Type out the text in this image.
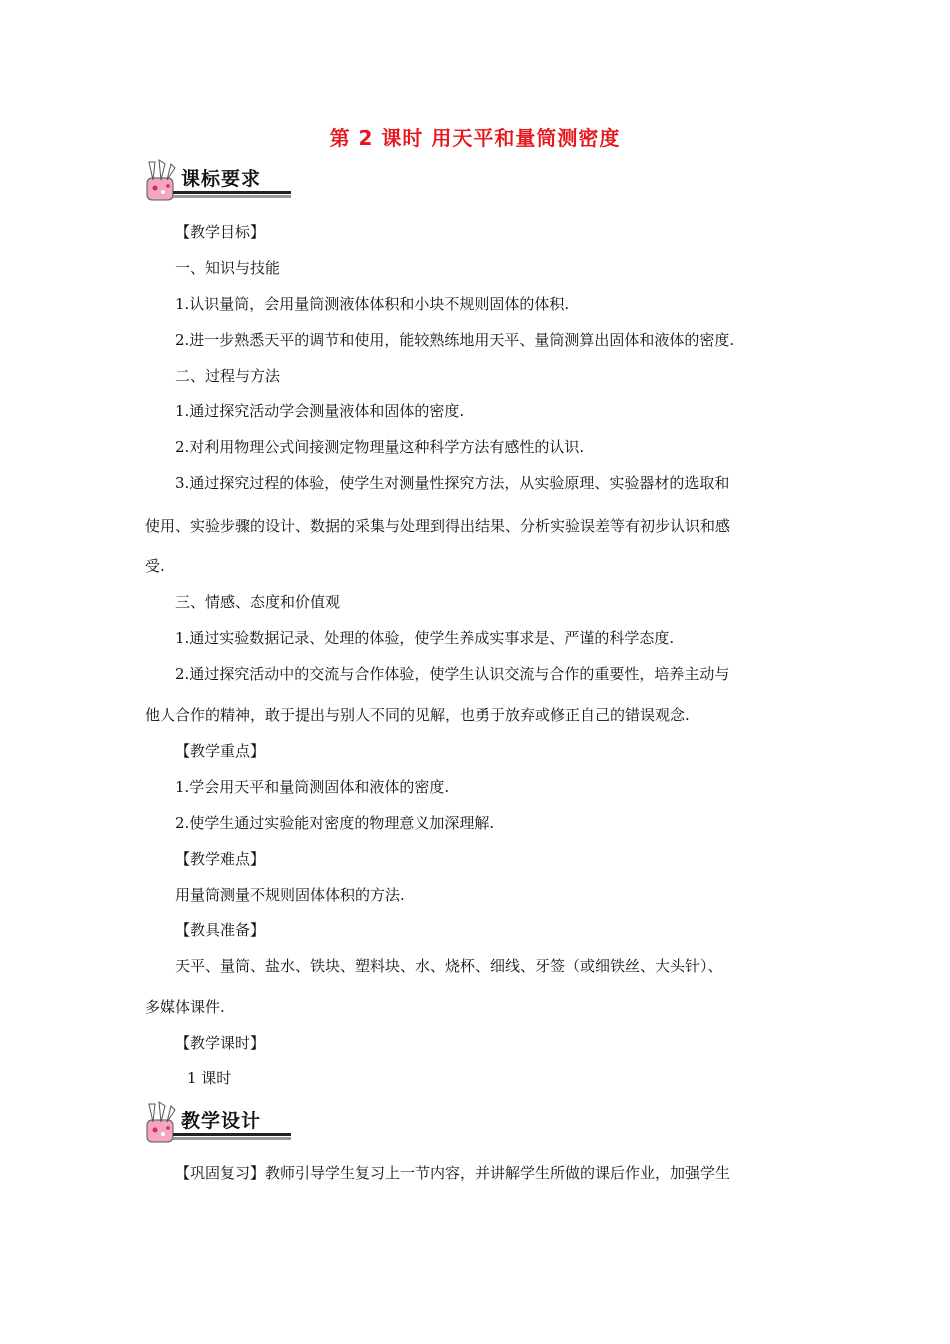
第 2 课时 用天平和量筒测密度
课标要求
教学设计
【教学目标】
一、知识与技能
1.认识量筒，会用量筒测液体体积和小块不规则固体的体积.
2.进一步熟悉天平的调节和使用，能较熟练地用天平、量筒测算出固体和液体的密度.
二、过程与方法
1.通过探究活动学会测量液体和固体的密度.
2.对利用物理公式间接测定物理量这种科学方法有感性的认识.
3.通过探究过程的体验，使学生对测量性探究方法，从实验原理、实验器材的选取和
使用、实验步骤的设计、数据的采集与处理到得出结果、分析实验误差等有初步认识和感
受.
三、情感、态度和价值观
1.通过实验数据记录、处理的体验，使学生养成实事求是、严谨的科学态度.
2.通过探究活动中的交流与合作体验，使学生认识交流与合作的重要性，培养主动与
他人合作的精神，敢于提出与别人不同的见解，也勇于放弃或修正自己的错误观念.
【教学重点】
1.学会用天平和量筒测固体和液体的密度.
2.使学生通过实验能对密度的物理意义加深理解.
【教学难点】
用量筒测量不规则固体体积的方法.
【教具准备】
天平、量筒、盐水、铁块、塑料块、水、烧杯、细线、牙签（或细铁丝、大头针）、
多媒体课件.
【教学课时】
1 课时
【巩固复习】教师引导学生复习上一节内容，并讲解学生所做的课后作业，加强学生
